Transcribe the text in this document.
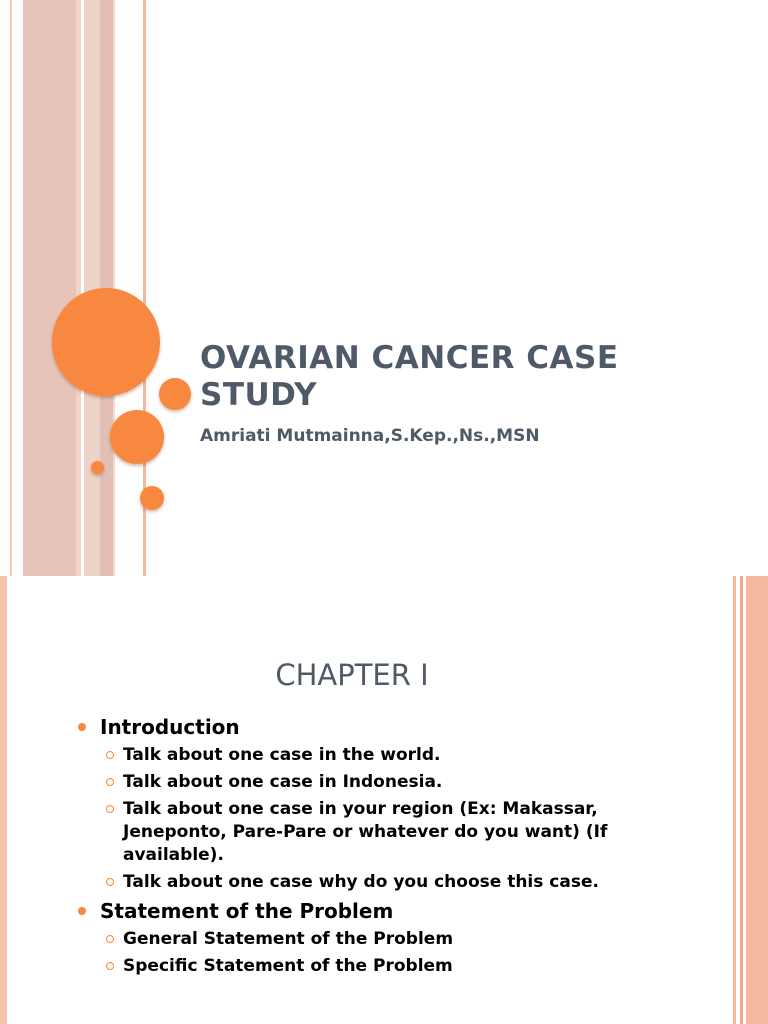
OVARIAN CANCER CASE STUDY
Amriati Mutmainna,S.Kep.,Ns.,MSN
CHAPTER I
Introduction
Talk about one case in the world.
Talk about one case in Indonesia.
Talk about one case in your region (Ex: Makassar, Jeneponto, Pare-Pare or whatever do you want) (If available).
Talk about one case why do you choose this case.
Statement of the Problem
General Statement of the Problem
Specific Statement of the Problem
